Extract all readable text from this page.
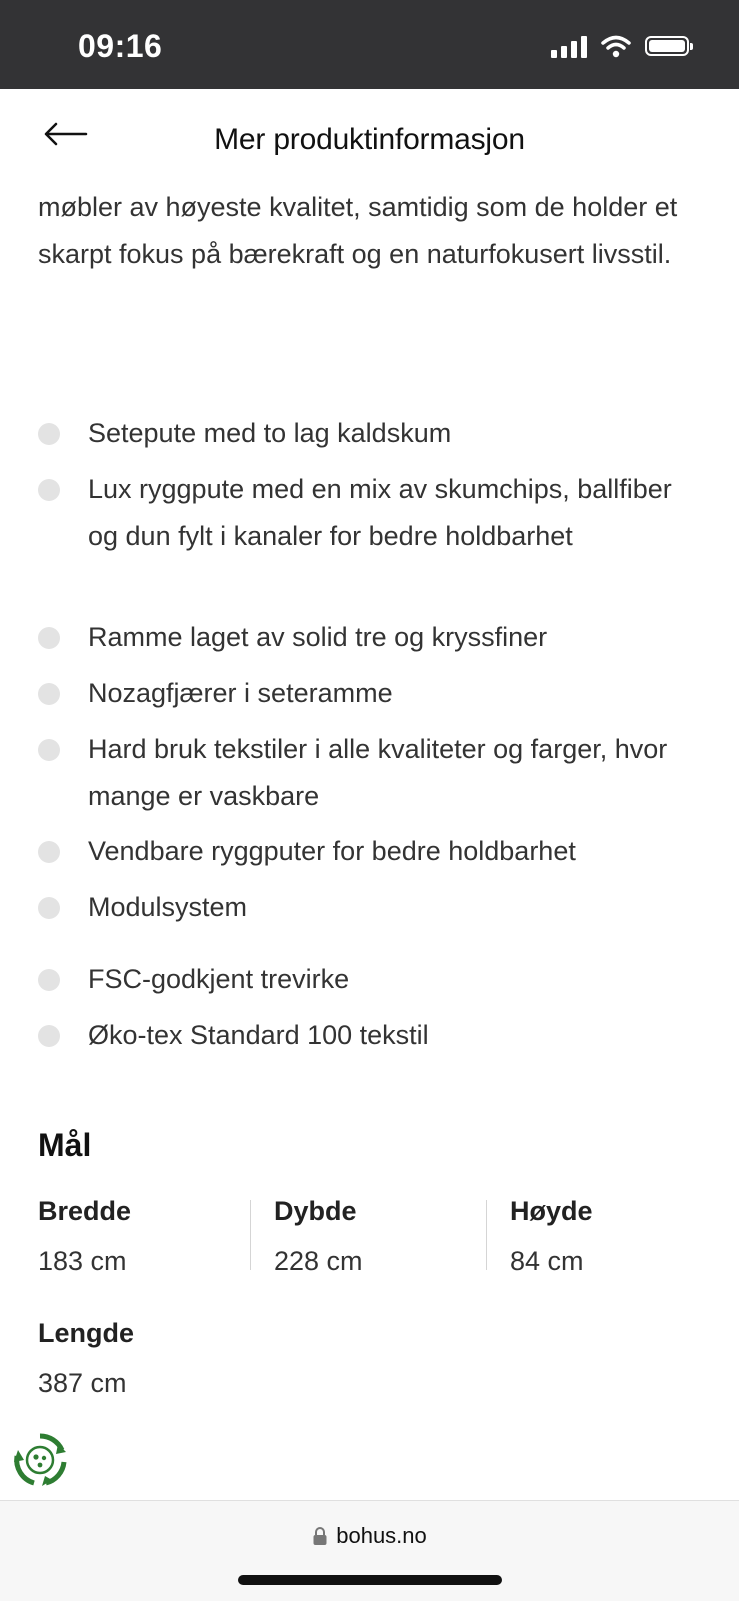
09:16
Mer produktinformasjon
møbler av høyeste kvalitet, samtidig som de holder et skarpt fokus på bærekraft og en naturfokusert livsstil.
Setepute med to lag kaldskum
Lux ryggpute med en mix av skumchips, ballfiber og dun fylt i kanaler for bedre holdbarhet
Ramme laget av solid tre og kryssfiner
Nozagfjærer i seteramme
Hard bruk tekstiler i alle kvaliteter og farger, hvor mange er vaskbare
Vendbare ryggputer for bedre holdbarhet
Modulsystem
FSC-godkjent trevirke
Øko-tex Standard 100 tekstil
Mål
Bredde
183 cm
Dybde
228 cm
Høyde
84 cm
Lengde
387 cm
bohus.no
